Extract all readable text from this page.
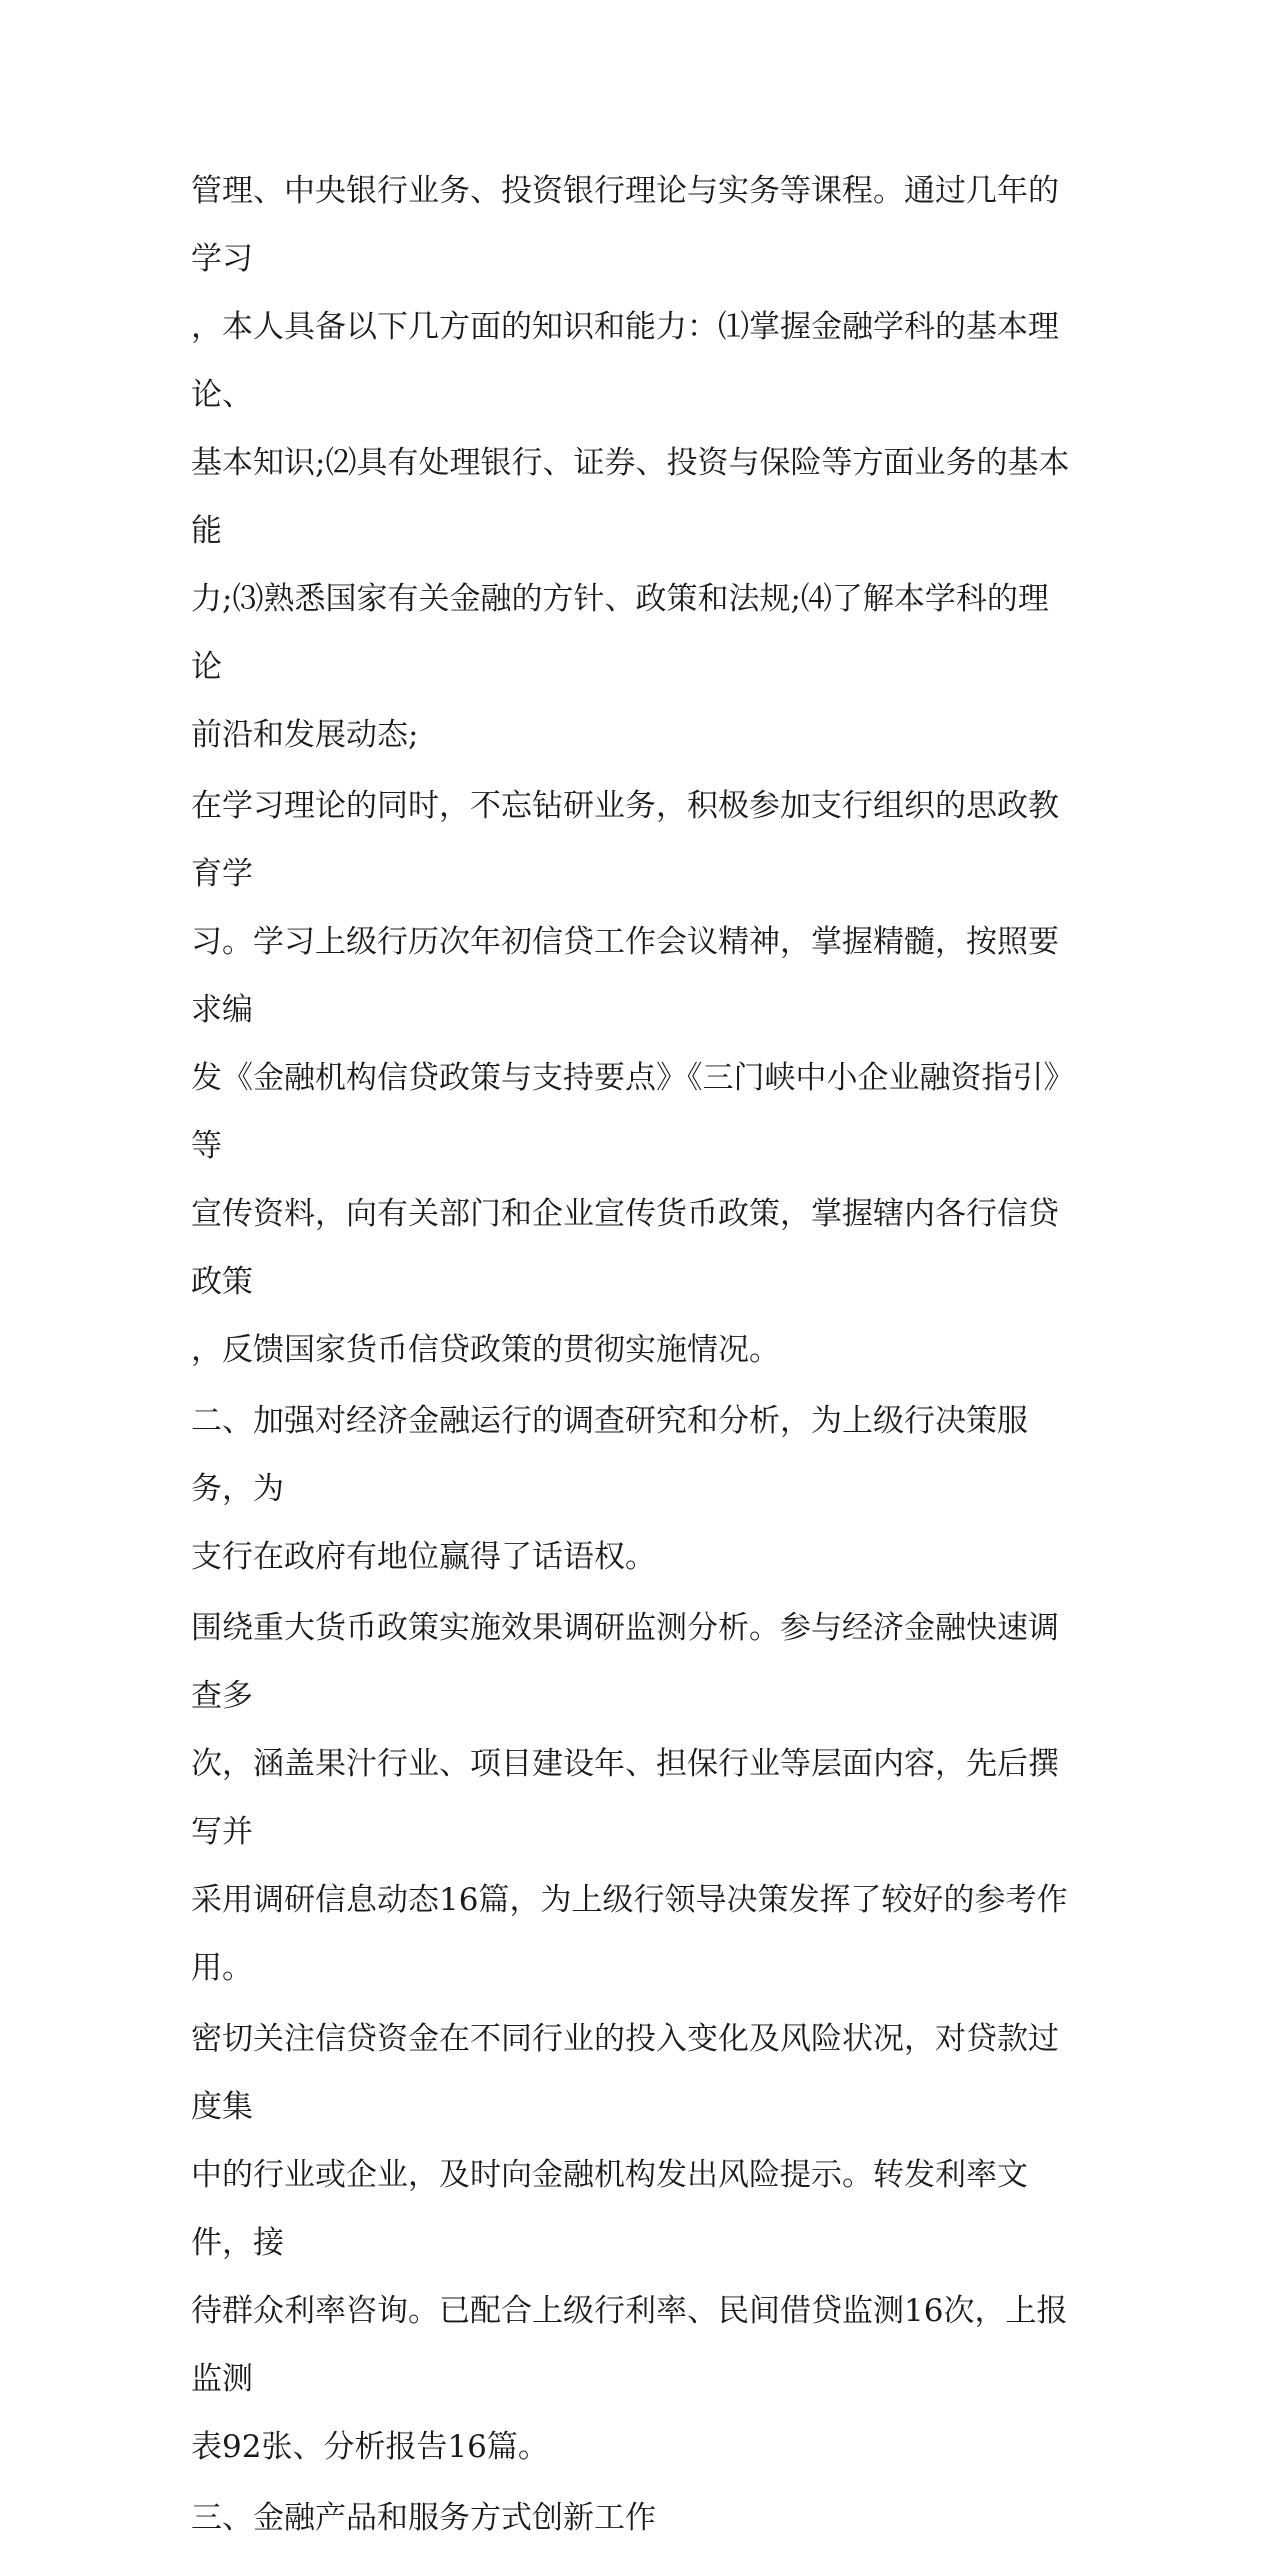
管理、中央银行业务、投资银行理论与实务等课程。通过几年的学习
，本人具备以下几方面的知识和能力：⑴掌握金融学科的基本理论、
基本知识;⑵具有处理银行、证券、投资与保险等方面业务的基本能
力;⑶熟悉国家有关金融的方针、政策和法规;⑷了解本学科的理论
前沿和发展动态;

在学习理论的同时，不忘钻研业务，积极参加支行组织的思政教育学
习。学习上级行历次年初信贷工作会议精神，掌握精髓，按照要求编
发《金融机构信贷政策与支持要点》《三门峡中小企业融资指引》等
宣传资料，向有关部门和企业宣传货币政策，掌握辖内各行信贷政策
，反馈国家货币信贷政策的贯彻实施情况。

二、加强对经济金融运行的调查研究和分析，为上级行决策服务，为
支行在政府有地位赢得了话语权。

围绕重大货币政策实施效果调研监测分析。参与经济金融快速调查多
次，涵盖果汁行业、项目建设年、担保行业等层面内容，先后撰写并
采用调研信息动态16篇，为上级行领导决策发挥了较好的参考作用。

密切关注信贷资金在不同行业的投入变化及风险状况，对贷款过度集
中的行业或企业，及时向金融机构发出风险提示。转发利率文件，接
待群众利率咨询。已配合上级行利率、民间借贷监测16次，上报监测
表92张、分析报告16篇。

三、金融产品和服务方式创新工作
